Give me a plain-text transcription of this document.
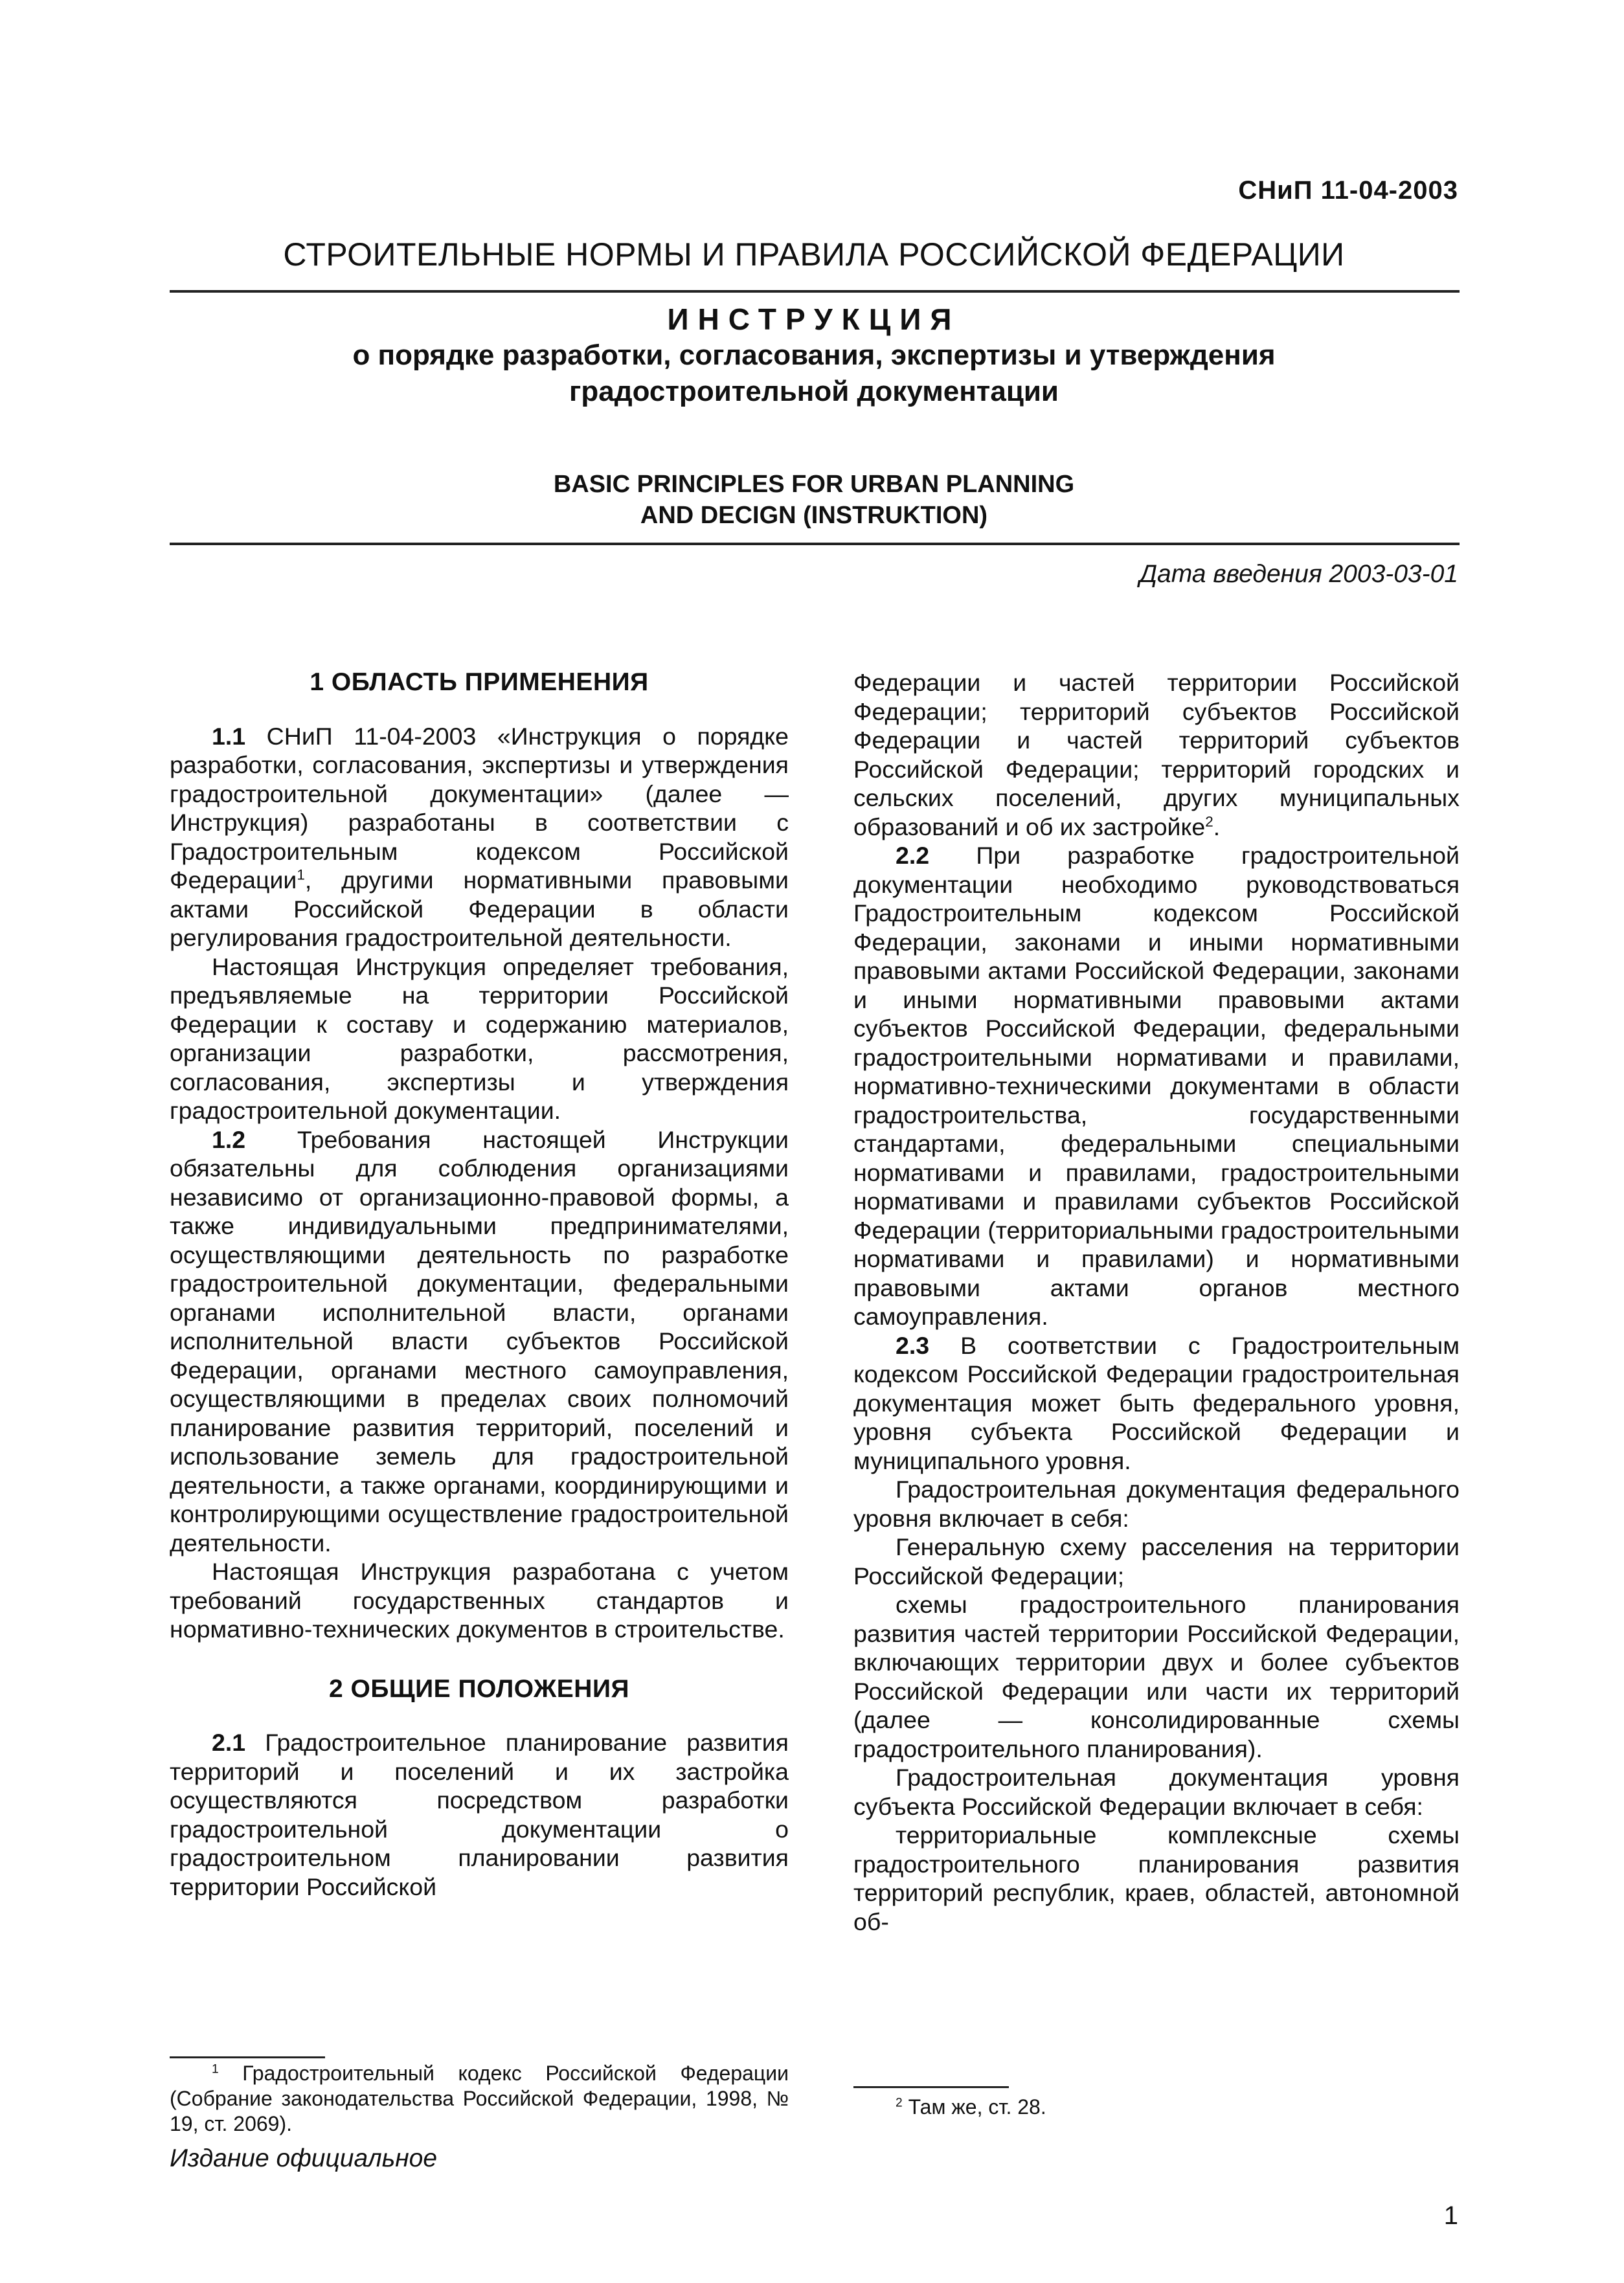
СНиП 11-04-2003
СТРОИТЕЛЬНЫЕ НОРМЫ И ПРАВИЛА РОССИЙСКОЙ ФЕДЕРАЦИИ
ИНСТРУКЦИЯ
о порядке разработки, согласования, экспертизы и утверждения
градостроительной документации
BASIC PRINCIPLES FOR URBAN PLANNING
AND DECIGN (INSTRUKTION)
Дата введения 2003-03-01
1 ОБЛАСТЬ ПРИМЕНЕНИЯ

1.1 СНиП 11-04-2003 «Инструкция о порядке разработки, согласования, экспертизы и утверждения градостроительной документации» (далее — Инструкция) разработаны в соответствии с Градостроительным кодексом Российской Федерации$^1$, другими нормативными правовыми актами Российской Федерации в области регулирования градостроительной деятельности.

Настоящая Инструкция определяет требования, предъявляемые на территории Российской Федерации к составу и содержанию материалов, организации разработки, рассмотрения, согласования, экспертизы и утверждения градостроительной документации.

1.2 Требования настоящей Инструкции обязательны для соблюдения организациями независимо от организационно-правовой формы, а также индивидуальными предпринимателями, осуществляющими деятельность по разработке градостроительной документации, федеральными органами исполнительной власти, органами исполнительной власти субъектов Российской Федерации, органами местного самоуправления, осуществляющими в пределах своих полномочий планирование развития территорий, поселений и использование земель для градостроительной деятельности, а также органами, координирующими и контролирующими осуществление градостроительной деятельности.

Настоящая Инструкция разработана с учетом требований государственных стандартов и нормативно-технических документов в строительстве.

2 ОБЩИЕ ПОЛОЖЕНИЯ

2.1 Градостроительное планирование развития территорий и поселений и их застройка осуществляются посредством разработки градостроительной документации о градостроительном планировании развития территории Российской

Федерации и частей территории Российской Федерации; территорий субъектов Российской Федерации и частей территорий субъектов Российской Федерации; территорий городских и сельских поселений, других муниципальных образований и об их застройке$^2$.

2.2 При разработке градостроительной документации необходимо руководствоваться Градостроительным кодексом Российской Федерации, законами и иными нормативными правовыми актами Российской Федерации, законами и иными нормативными правовыми актами субъектов Российской Федерации, федеральными градостроительными нормативами и правилами, нормативно-техническими документами в области градостроительства, государственными стандартами, федеральными специальными нормативами и правилами, градостроительными нормативами и правилами субъектов Российской Федерации (территориальными градостроительными нормативами и правилами) и нормативными правовыми актами органов местного самоуправления.

2.3 В соответствии с Градостроительным кодексом Российской Федерации градостроительная документация может быть федерального уровня, уровня субъекта Российской Федерации и муниципального уровня.

Градостроительная документация федерального уровня включает в себя:

Генеральную схему расселения на территории Российской Федерации;

схемы градостроительного планирования развития частей территории Российской Федерации, включающих территории двух и более субъектов Российской Федерации или части их территорий (далее — консолидированные схемы градостроительного планирования).

Градостроительная документация уровня субъекта Российской Федерации включает в себя:

территориальные комплексные схемы градостроительного планирования развития территорий республик, краев, областей, автономной об-

$^1$ Градостроительный кодекс Российской Федерации (Собрание законодательства Российской Федерации, 1998, № 19, ст. 2069).

$^2$ Там же, ст. 28.
Издание официальное
1
